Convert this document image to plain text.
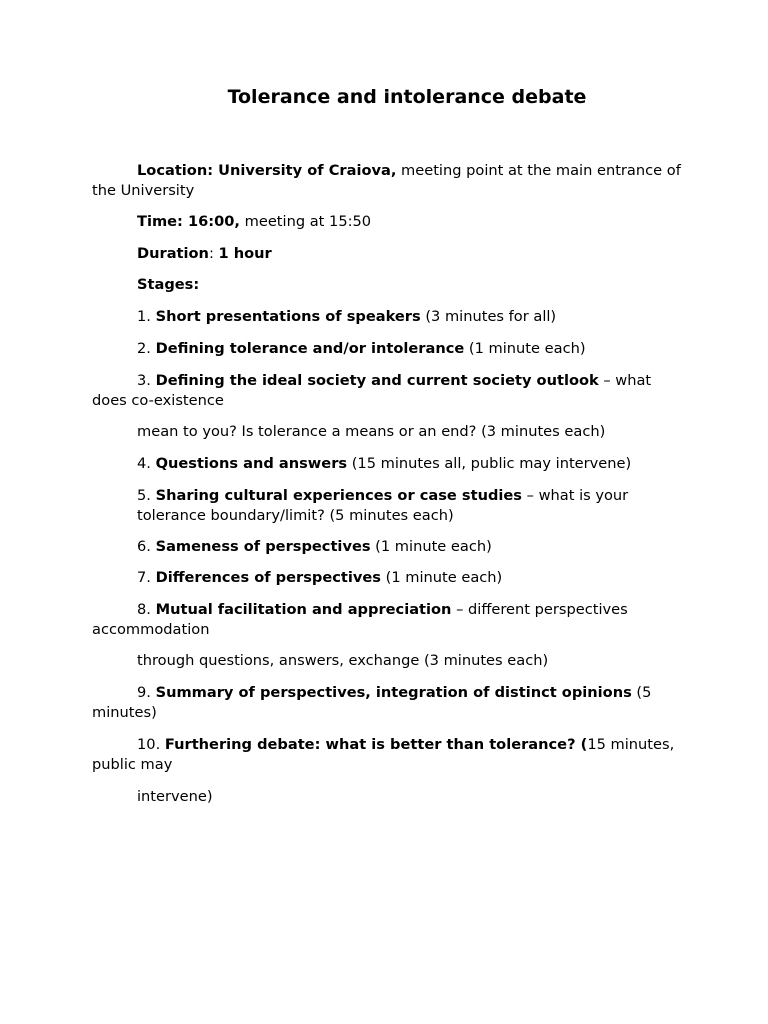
Tolerance and intolerance debate

Location: University of Craiova, meeting point at the main entrance of the University

Time: 16:00, meeting at 15:50

Duration: 1 hour

Stages:

1. Short presentations of speakers (3 minutes for all)

2. Defining tolerance and/or intolerance (1 minute each)

3. Defining the ideal society and current society outlook – what does co-existence

mean to you? Is tolerance a means or an end? (3 minutes each)

4. Questions and answers (15 minutes all, public may intervene)

5. Sharing cultural experiences or case studies – what is your tolerance boundary/limit? (5 minutes each)

6. Sameness of perspectives (1 minute each)

7. Differences of perspectives (1 minute each)

8. Mutual facilitation and appreciation – different perspectives accommodation

through questions, answers, exchange (3 minutes each)

9. Summary of perspectives, integration of distinct opinions (5 minutes)

10. Furthering debate: what is better than tolerance? (15 minutes, public may

intervene)
